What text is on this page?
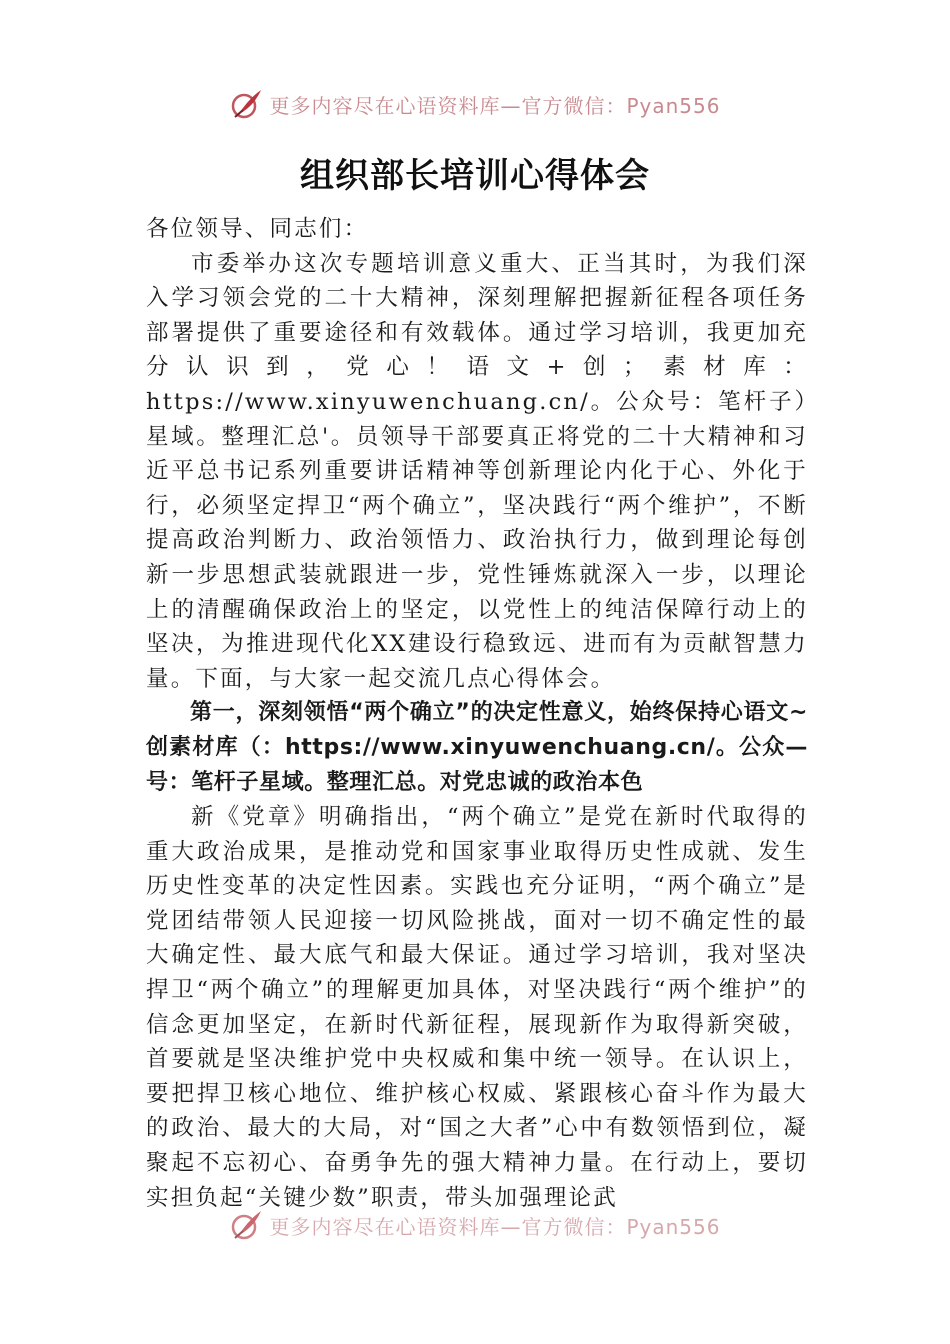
更多内容尽在心语资料库—官方微信：Pyan556
组织部长培训心得体会

各位领导、同志们：

市委举办这次专题培训意义重大、正当其时，为我们深入学习领会党的二十大精神，深刻理解把握新征程各项任务部署提供了重要途径和有效载体。通过学习培训，我更加充分认识到，党心！语文+创；素材库：https://www.xinyuwenchuang.cn/。公众号：笔杆子）星域。整理汇总'。员领导干部要真正将党的二十大精神和习近平总书记系列重要讲话精神等创新理论内化于心、外化于行，必须坚定捍卫“两个确立”，坚决践行“两个维护”，不断提高政治判断力、政治领悟力、政治执行力，做到理论每创新一步思想武装就跟进一步，党性锤炼就深入一步，以理论上的清醒确保政治上的坚定，以党性上的纯洁保障行动上的坚决，为推进现代化XX建设行稳致远、进而有为贡献智慧力量。下面，与大家一起交流几点心得体会。

第一，深刻领悟“两个确立”的决定性意义，始终保持心语文~创素材库（：https://www.xinyuwenchuang.cn/。公众—号：笔杆子星域。整理汇总。对党忠诚的政治本色

新《党章》明确指出，“两个确立”是党在新时代取得的重大政治成果，是推动党和国家事业取得历史性成就、发生历史性变革的决定性因素。实践也充分证明，“两个确立”是党团结带领人民迎接一切风险挑战，面对一切不确定性的最大确定性、最大底气和最大保证。通过学习培训，我对坚决捍卫“两个确立”的理解更加具体，对坚决践行“两个维护”的信念更加坚定，在新时代新征程，展现新作为取得新突破，首要就是坚决维护党中央权威和集中统一领导。在认识上，要把捍卫核心地位、维护核心权威、紧跟核心奋斗作为最大的政治、最大的大局，对“国之大者”心中有数领悟到位，凝聚起不忘初心、奋勇争先的强大精神力量。在行动上，要切实担负起“关键少数”职责，带头加强理论武

更多内容尽在心语资料库—官方微信：Pyan556
